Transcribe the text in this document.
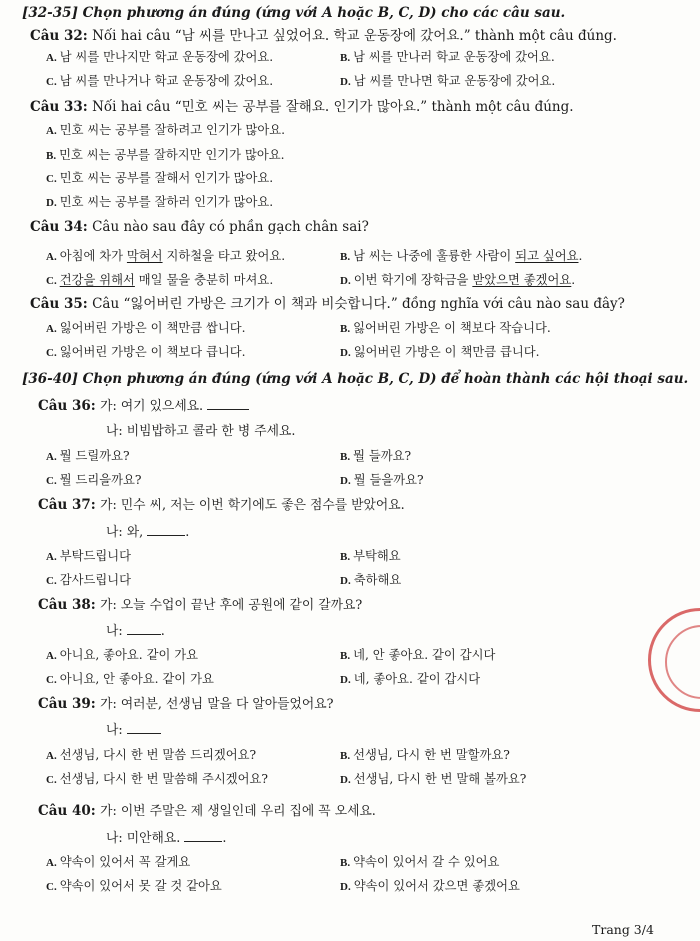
[32-35] Chọn phương án đúng (ứng với A hoặc B, C, D) cho các câu sau.
Câu 32: Nối hai câu “남 씨를 만나고 싶었어요. 학교 운동장에 갔어요.” thành một câu đúng.
A. 남 씨를 만나지만 학교 운동장에 갔어요.	B. 남 씨를 만나러 학교 운동장에 갔어요.
C. 남 씨를 만나거나 학교 운동장에 갔어요.	D. 남 씨를 만나면 학교 운동장에 갔어요.
Câu 33: Nối hai câu “민호 씨는 공부를 잘해요. 인기가 많아요.” thành một câu đúng.
A. 민호 씨는 공부를 잘하려고 인기가 많아요.
B. 민호 씨는 공부를 잘하지만 인기가 많아요.
C. 민호 씨는 공부를 잘해서 인기가 많아요.
D. 민호 씨는 공부를 잘하러 인기가 많아요.
Câu 34: Câu nào sau đây có phần gạch chân sai?
A. 아침에 차가 막혀서 지하철을 타고 왔어요.	B. 남 씨는 나중에 훌륭한 사람이 되고 싶어요.
C. 건강을 위해서 매일 물을 충분히 마셔요.	D. 이번 학기에 장학금을 받았으면 좋겠어요.
Câu 35: Câu “잃어버린 가방은 크기가 이 책과 비슷합니다.” đồng nghĩa với câu nào sau đây?
A. 잃어버린 가방은 이 책만큼 쌉니다.	B. 잃어버린 가방은 이 책보다 작습니다.
C. 잃어버린 가방은 이 책보다 큽니다.	D. 잃어버린 가방은 이 책만큼 큽니다.
[36-40] Chọn phương án đúng (ứng với A hoặc B, C, D) để hoàn thành các hội thoại sau.
Câu 36: 가: 여기 있으세요.
나: 비빔밥하고 콜라 한 병 주세요.
A. 뭘 드릴까요?	B. 뭘 들까요?
C. 뭘 드리을까요?	D. 뭘 들을까요?
Câu 37: 가: 민수 씨, 저는 이번 학기에도 좋은 점수를 받았어요.
나: 와,	.
A. 부탁드립니다	B. 부탁해요
C. 감사드립니다	D. 축하해요
Câu 38: 가: 오늘 수업이 끝난 후에 공원에 같이 갈까요?
나:	.
A. 아니요, 좋아요. 같이 가요	B. 네, 안 좋아요. 같이 갑시다
C. 아니요, 안 좋아요. 같이 가요	D. 네, 좋아요. 같이 갑시다
Câu 39: 가: 여러분, 선생님 말을 다 알아들었어요?
나:
A. 선생님, 다시 한 번 말씀 드리겠어요?	B. 선생님, 다시 한 번 말할까요?
C. 선생님, 다시 한 번 말씀해 주시겠어요?	D. 선생님, 다시 한 번 말해 볼까요?
Câu 40: 가: 이번 주말은 제 생일인데 우리 집에 꼭 오세요.
나: 미안해요.	.
A. 약속이 있어서 꼭 갈게요	B. 약속이 있어서 갈 수 있어요
C. 약속이 있어서 못 갈 것 같아요	D. 약속이 있어서 갔으면 좋겠어요
Trang 3/4
